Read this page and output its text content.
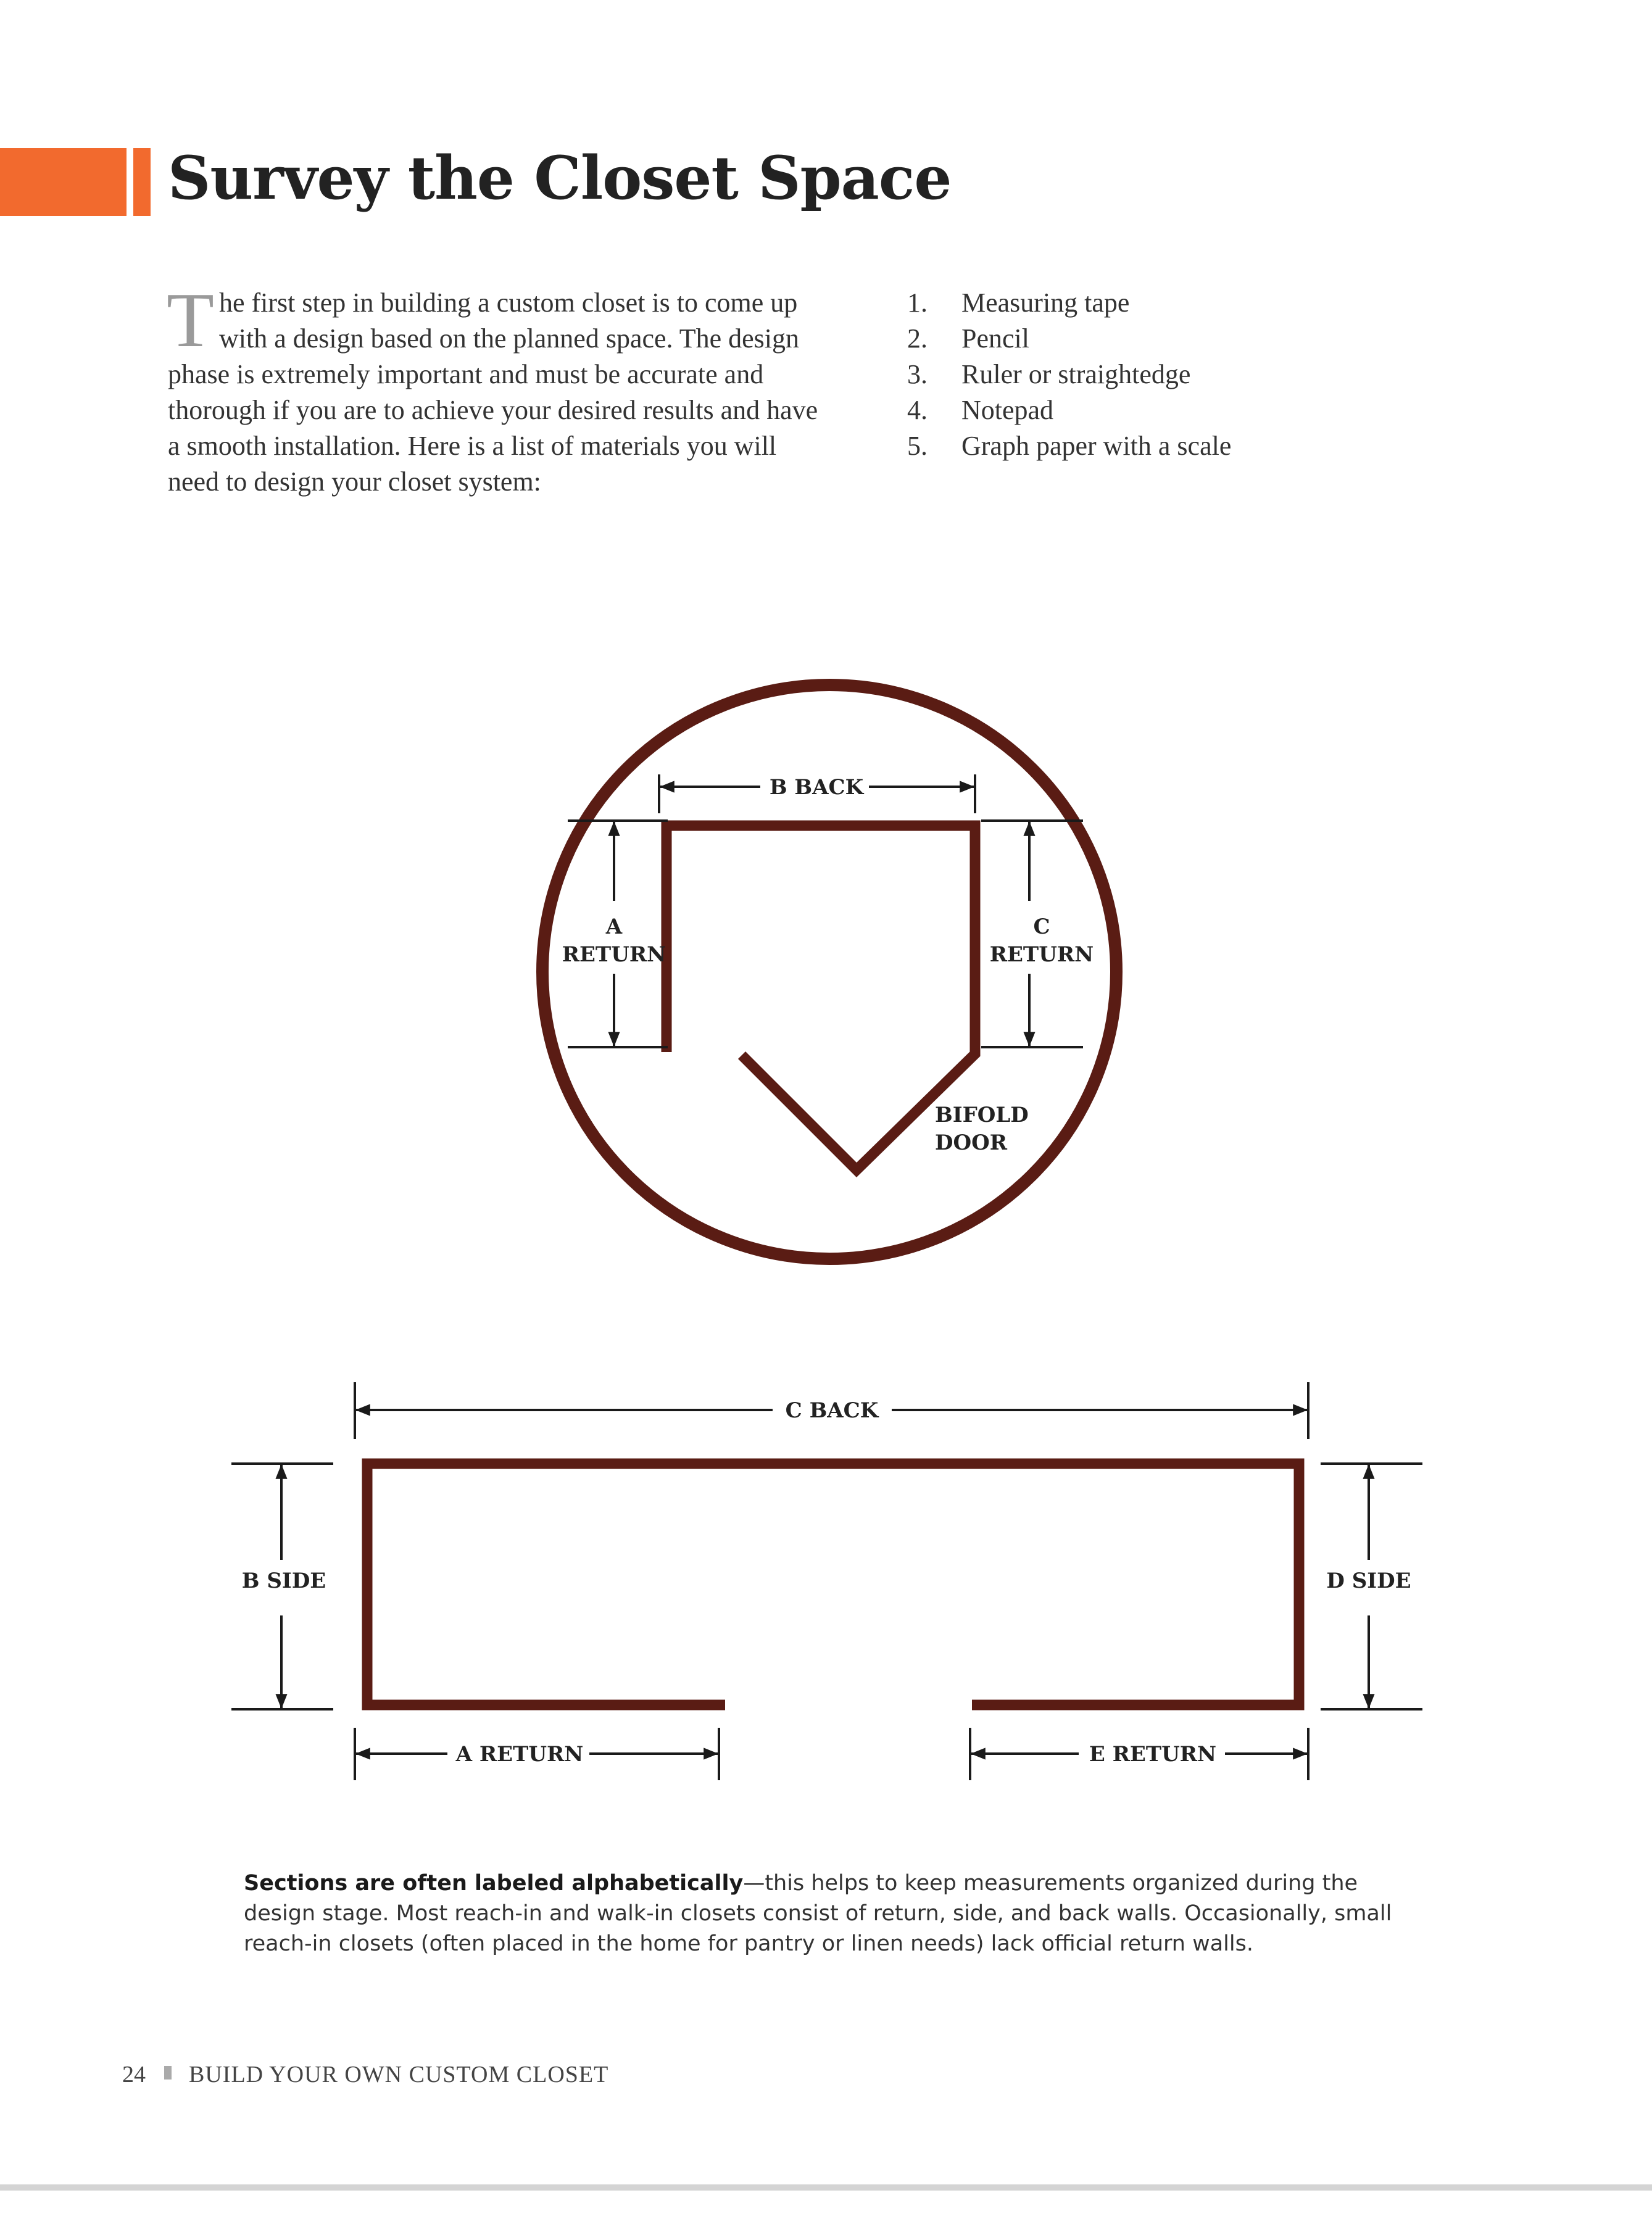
Survey the Closet Space

The first step in building a custom closet is to come up with a design based on the planned space. The design phase is extremely important and must be accurate and thorough if you are to achieve your desired results and have a smooth installation. Here is a list of materials you will need to design your closet system:

1. Measuring tape
2. Pencil
3. Ruler or straightedge
4. Notepad
5. Graph paper with a scale
B BACK
A
RETURN
C
RETURN
BIFOLD
DOOR
C BACK
B SIDE	D SIDE
A RETURN	E RETURN

Sections are often labeled alphabetically—this helps to keep measurements organized during the design stage. Most reach-in and walk-in closets consist of return, side, and back walls. Occasionally, small reach-in closets (often placed in the home for pantry or linen needs) lack official return walls.

24 BUILD YOUR OWN CUSTOM CLOSET
